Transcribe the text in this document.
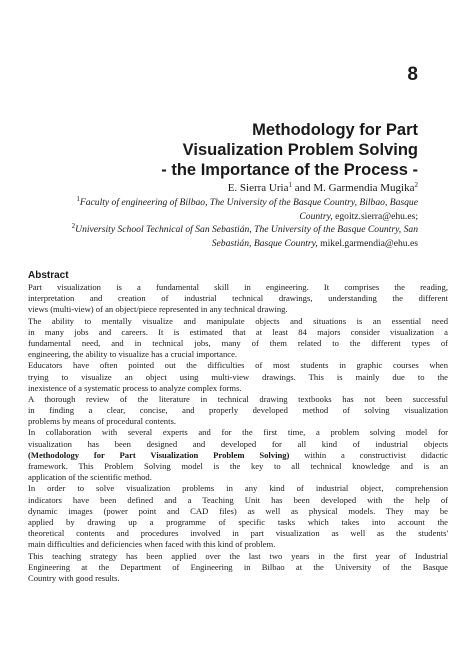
8
Methodology for Part
Visualization Problem Solving
- the Importance of the Process -
E. Sierra Uria$^1$ and M. Garmendia Mugika$^2$
$^1$Faculty of engineering of Bilbao, The University of the Basque Country, Bilbao, Basque
Country, egoitz.sierra@ehu.es;
$^2$University School Technical of San Sebastián, The University of the Basque Country, San
Sebastián, Basque Country, mikel.garmendia@ehu.es
Abstract
Part visualization is a fundamental skill in engineering. It comprises the reading,
interpretation and creation of industrial technical drawings, understanding the different
views (multi-view) of an object/piece represented in any technical drawing.
The ability to mentally visualize and manipulate objects and situations is an essential need
in many jobs and careers. It is estimated that at least 84 majors consider visualization a
fundamental need, and in technical jobs, many of them related to the different types of
engineering, the ability to visualize has a crucial importance.
Educators have often pointed out the difficulties of most students in graphic courses when
trying to visualize an object using multi-view drawings. This is mainly due to the
inexistence of a systematic process to analyze complex forms.
A thorough review of the literature in technical drawing textbooks has not been successful
in finding a clear, concise, and properly developed method of solving visualization
problems by means of procedural contents.
In collaboration with several experts and for the first time, a problem solving model for
visualization has been designed and developed for all kind of industrial objects
(Methodology for Part Visualization Problem Solving) within a constructivist didactic
framework. This Problem Solving model is the key to all technical knowledge and is an
application of the scientific method.
In order to solve visualization problems in any kind of industrial object, comprehension
indicators have been defined and a Teaching Unit has been developed with the help of
dynamic images (power point and CAD files) as well as physical models. They may be
applied by drawing up a programme of specific tasks which takes into account the
theoretical contents and procedures involved in part visualization as well as the students'
main difficulties and deficiencies when faced with this kind of problem.
This teaching strategy has been applied over the last two years in the first year of Industrial
Engineering at the Department of Engineering in Bilbao at the University of the Basque
Country with good results.
